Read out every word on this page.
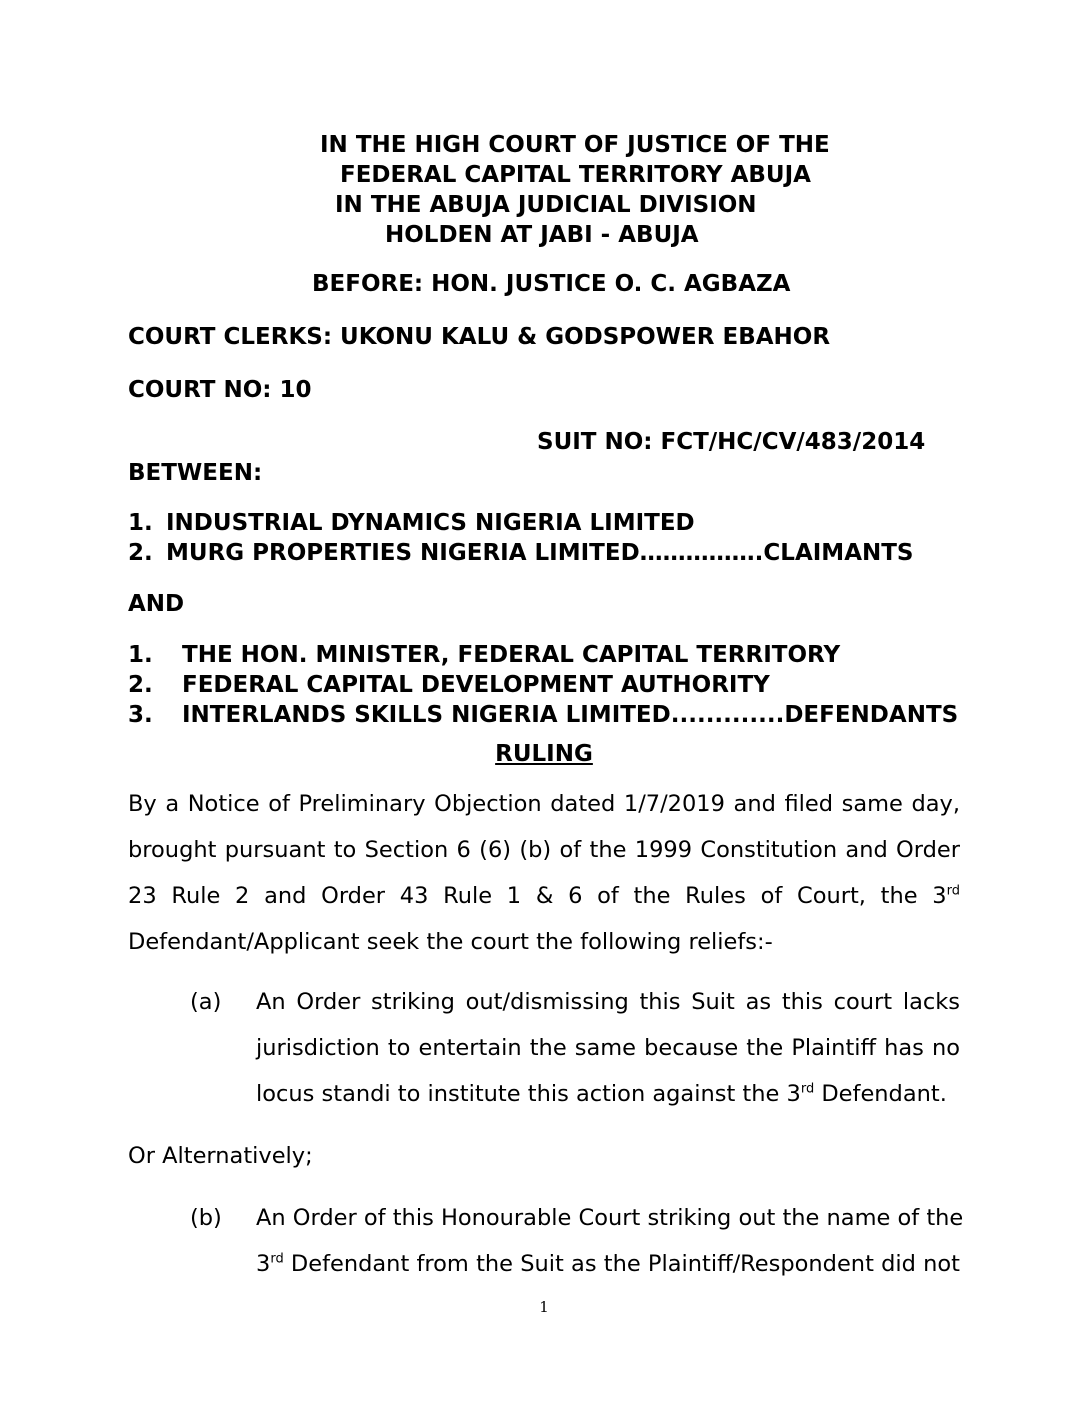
IN THE HIGH COURT OF JUSTICE OF THE
FEDERAL CAPITAL TERRITORY ABUJA
IN THE ABUJA JUDICIAL DIVISION
HOLDEN AT JABI - ABUJA
BEFORE: HON. JUSTICE O. C. AGBAZA
COURT CLERKS: UKONU KALU & GODSPOWER EBAHOR
COURT NO: 10
SUIT NO: FCT/HC/CV/483/2014
BETWEEN:
1. INDUSTRIAL DYNAMICS NIGERIA LIMITED
2. MURG PROPERTIES NIGERIA LIMITED…………….CLAIMANTS
AND
1. THE HON. MINISTER, FEDERAL CAPITAL TERRITORY
2. FEDERAL CAPITAL DEVELOPMENT AUTHORITY
3. INTERLANDS SKILLS NIGERIA LIMITED.............DEFENDANTS
RULING
By a Notice of Preliminary Objection dated 1/7/2019 and filed same day,
brought pursuant to Section 6 (6) (b) of the 1999 Constitution and Order
23 Rule 2 and Order 43 Rule 1 & 6 of the Rules of Court, the 3rd
Defendant/Applicant seek the court the following reliefs:-
(a) An Order striking out/dismissing this Suit as this court lacks
jurisdiction to entertain the same because the Plaintiff has no
locus standi to institute this action against the 3rd Defendant.
Or Alternatively;
(b) An Order of this Honourable Court striking out the name of the
3rd Defendant from the Suit as the Plaintiff/Respondent did not
1
